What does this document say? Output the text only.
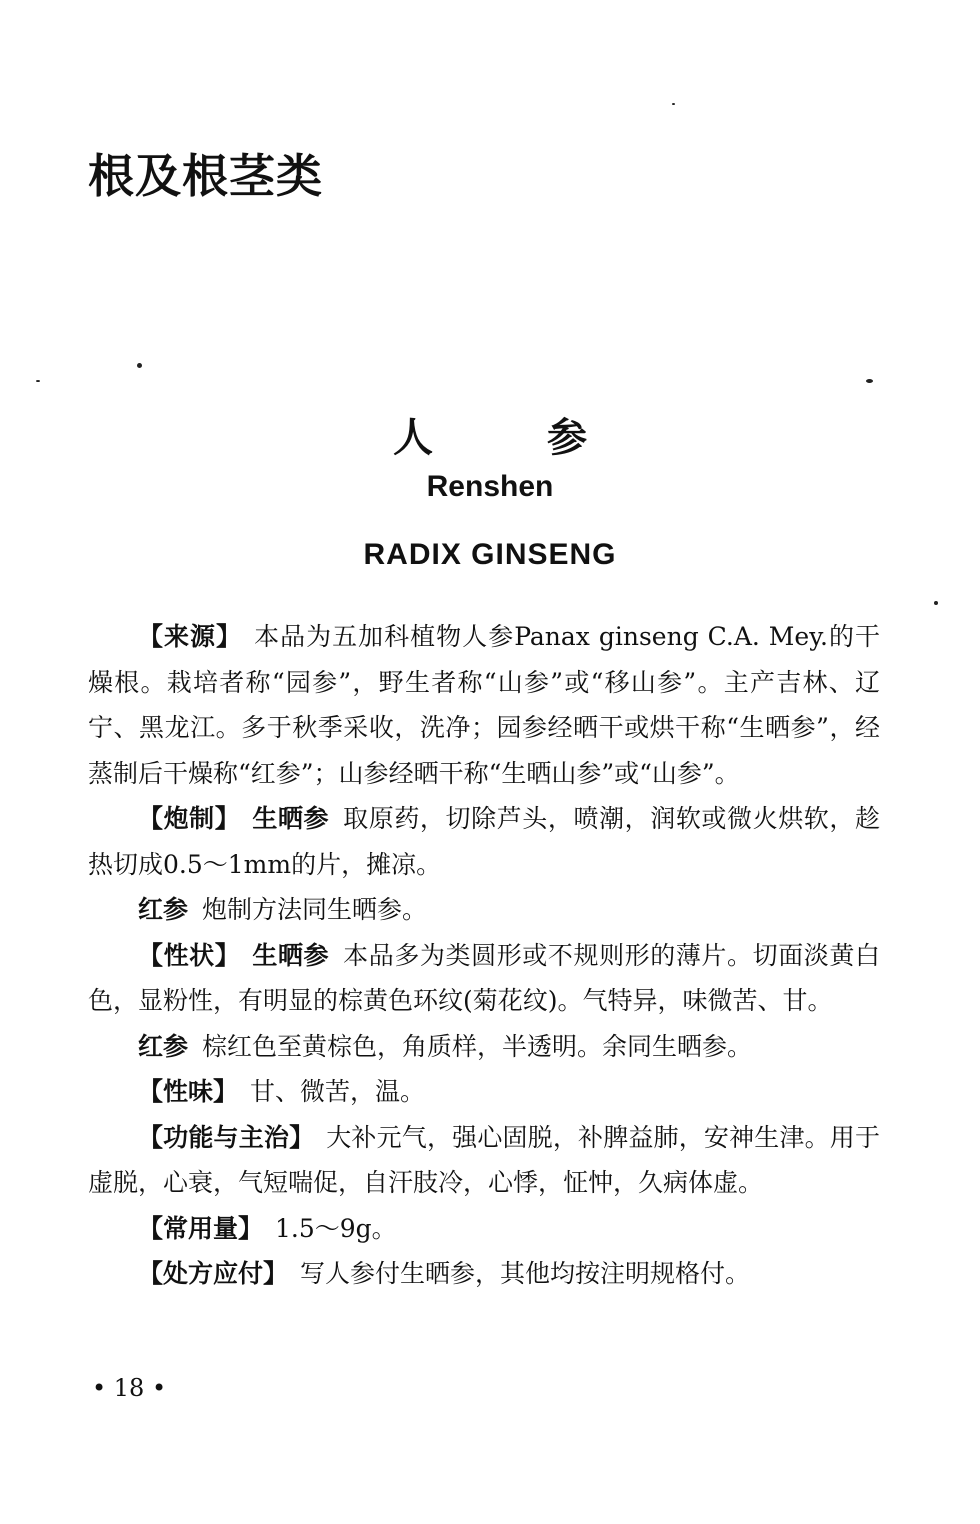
根及根茎类
人 参
Renshen
RADIX GINSENG

【来源】 本品为五加科植物人参Panax ginseng C.A. Mey.的干燥根。栽培者称“园参”，野生者称“山参”或“移山参”。主产吉林、辽宁、黑龙江。多于秋季采收，洗净；园参经晒干或烘干称“生晒参”，经蒸制后干燥称“红参”；山参经晒干称“生晒山参”或“山参”。

【炮制】 生晒参 取原药，切除芦头，喷潮，润软或微火烘软，趁热切成0.5～1mm的片，摊凉。

红参 炮制方法同生晒参。

【性状】 生晒参 本品多为类圆形或不规则形的薄片。切面淡黄白色，显粉性，有明显的棕黄色环纹(菊花纹)。气特异，味微苦、甘。

红参 棕红色至黄棕色，角质样，半透明。余同生晒参。

【性味】 甘、微苦，温。

【功能与主治】 大补元气，强心固脱，补脾益肺，安神生津。用于虚脱，心衰，气短喘促，自汗肢冷，心悸，怔忡，久病体虚。

【常用量】 1.5～9g。

【处方应付】 写人参付生晒参，其他均按注明规格付。

• 18 •
